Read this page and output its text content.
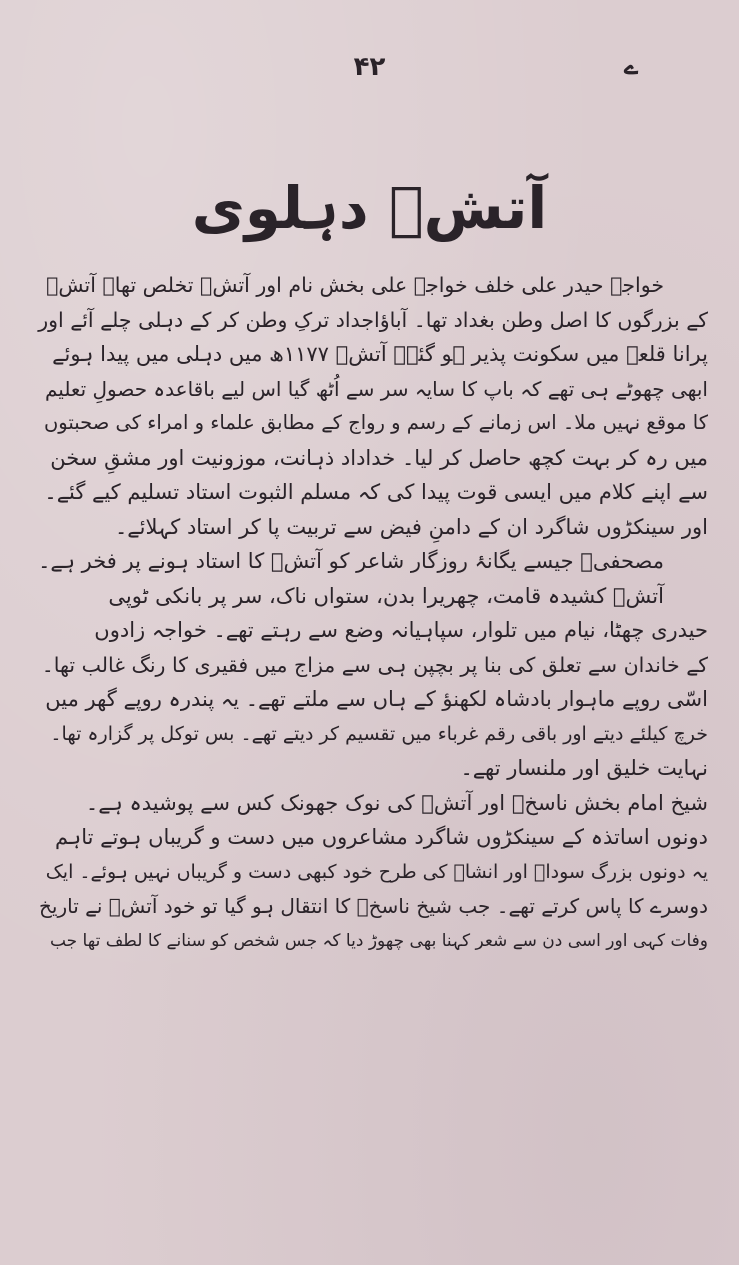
۴۲	ے
آتشؔ دہلوی
خواجہ حیدر علی خلف خواجہ علی بخش نام اور آتشؔ تخلص تھا۔ آتشؔ
کے بزرگوں کا اصل وطن بغداد تھا۔ آباؤاجداد ترکِ وطن کر کے دہلی چلے آئے اور
پرانا قلعہ میں سکونت پذیر ہو گئے۔ آتشؔ ۱۱۷۷ھ میں دہلی میں پیدا ہوئے
ابھی چھوٹے ہی تھے کہ باپ کا سایہ سر سے اُٹھ گیا اس لیے باقاعدہ حصولِ تعلیم
کا موقع نہیں ملا۔ اس زمانے کے رسم و رواج کے مطابق علماء و امراء کی صحبتوں
میں رہ کر بہت کچھ حاصل کر لیا۔ خداداد ذہانت، موزونیت اور مشقِ سخن
سے اپنے کلام میں ایسی قوت پیدا کی کہ مسلم الثبوت استاد تسلیم کیے گئے۔
اور سینکڑوں شاگرد ان کے دامنِ فیض سے تربیت پا کر استاد کہلائے۔
مصحفیؔ جیسے یگانۂ روزگار شاعر کو آتشؔ کا استاد ہونے پر فخر ہے۔
آتشؔ کشیدہ قامت، چھریرا بدن، ستواں ناک، سر پر بانکی ٹوپی
حیدری چھٹا، نیام میں تلوار، سپاہیانہ وضع سے رہتے تھے۔ خواجہ زادوں
کے خاندان سے تعلق کی بنا پر بچپن ہی سے مزاج میں فقیری کا رنگ غالب تھا۔
اسّی روپے ماہوار بادشاہ لکھنؤ کے ہاں سے ملتے تھے۔ یہ پندرہ روپے گھر میں
خرچ کیلئے دیتے اور باقی رقم غرباء میں تقسیم کر دیتے تھے۔ بس توکل پر گزارہ تھا۔
نہایت خلیق اور ملنسار تھے۔
شیخ امام بخش ناسخؔ اور آتشؔ کی نوک جھونک کس سے پوشیدہ ہے۔
دونوں اساتذہ کے سینکڑوں شاگرد مشاعروں میں دست و گریباں ہوتے تاہم
یہ دونوں بزرگ سوداؔ اور انشاؔ کی طرح خود کبھی دست و گریباں نہیں ہوئے۔ ایک
دوسرے کا پاس کرتے تھے۔ جب شیخ ناسخؔ کا انتقال ہو گیا تو خود آتشؔ نے تاریخ
وفات کہی اور اسی دن سے شعر کہنا بھی چھوڑ دیا کہ جس شخص کو سنانے کا لطف تھا جب
